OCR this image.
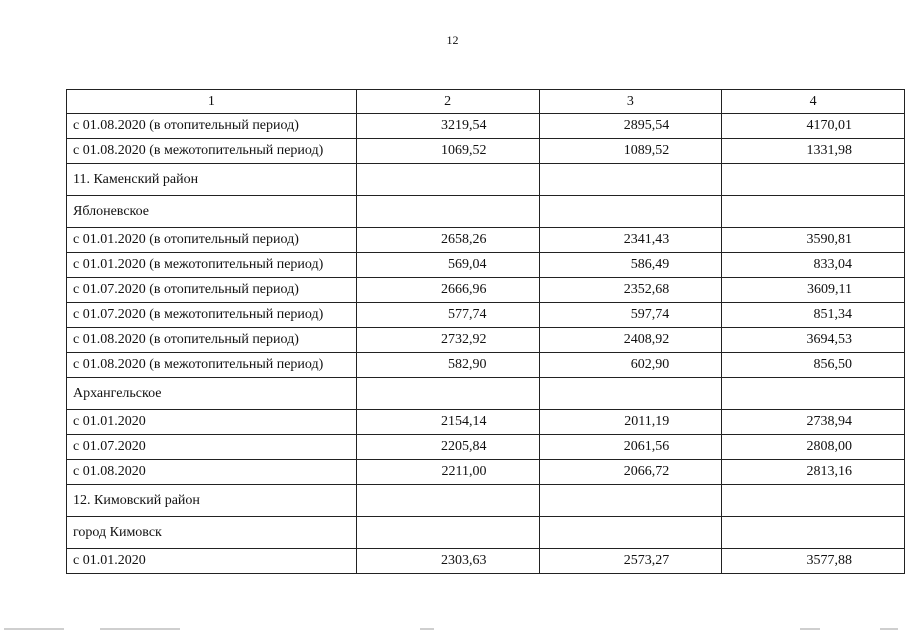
12
1	2	3	4
с 01.08.2020 (в отопительный период)	3219,54	2895,54	4170,01
с 01.08.2020 (в межотопительный период)	1069,52	1089,52	1331,98
11. Каменский район			
Яблоневское			
с 01.01.2020 (в отопительный период)	2658,26	2341,43	3590,81
с 01.01.2020 (в межотопительный период)	569,04	586,49	833,04
с 01.07.2020 (в отопительный период)	2666,96	2352,68	3609,11
с 01.07.2020 (в межотопительный период)	577,74	597,74	851,34
с 01.08.2020 (в отопительный период)	2732,92	2408,92	3694,53
с 01.08.2020 (в межотопительный период)	582,90	602,90	856,50
Архангельское			
с 01.01.2020	2154,14	2011,19	2738,94
с 01.07.2020	2205,84	2061,56	2808,00
с 01.08.2020	2211,00	2066,72	2813,16
12. Кимовский район			
город Кимовск			
с 01.01.2020	2303,63	2573,27	3577,88
